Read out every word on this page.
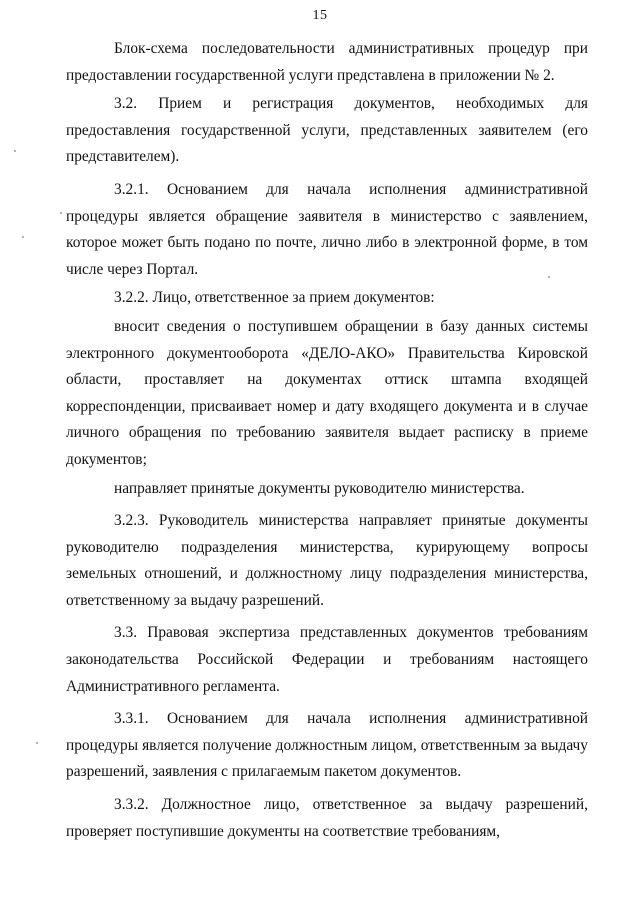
15

Блок-схема последовательности административных процедур при предоставлении государственной услуги представлена в приложении № 2.

3.2. Прием и регистрация документов, необходимых для предоставления государственной услуги, представленных заявителем (его представителем).

3.2.1. Основанием для начала исполнения административной процедуры является обращение заявителя в министерство с заявлением, которое может быть подано по почте, лично либо в электронной форме, в том числе через Портал.

3.2.2. Лицо, ответственное за прием документов:

вносит сведения о поступившем обращении в базу данных системы электронного документооборота «ДЕЛО-АКО» Правительства Кировской области, проставляет на документах оттиск штампа входящей корреспонденции, присваивает номер и дату входящего документа и в случае личного обращения по требованию заявителя выдает расписку в приеме документов;

направляет принятые документы руководителю министерства.

3.2.3. Руководитель министерства направляет принятые документы руководителю подразделения министерства, курирующему вопросы земельных отношений, и должностному лицу подразделения министерства, ответственному за выдачу разрешений.

3.3. Правовая экспертиза представленных документов требованиям законодательства Российской Федерации и требованиям настоящего Административного регламента.

3.3.1. Основанием для начала исполнения административной процедуры является получение должностным лицом, ответственным за выдачу разрешений, заявления с прилагаемым пакетом документов.

3.3.2. Должностное лицо, ответственное за выдачу разрешений, проверяет поступившие документы на соответствие требованиям,
